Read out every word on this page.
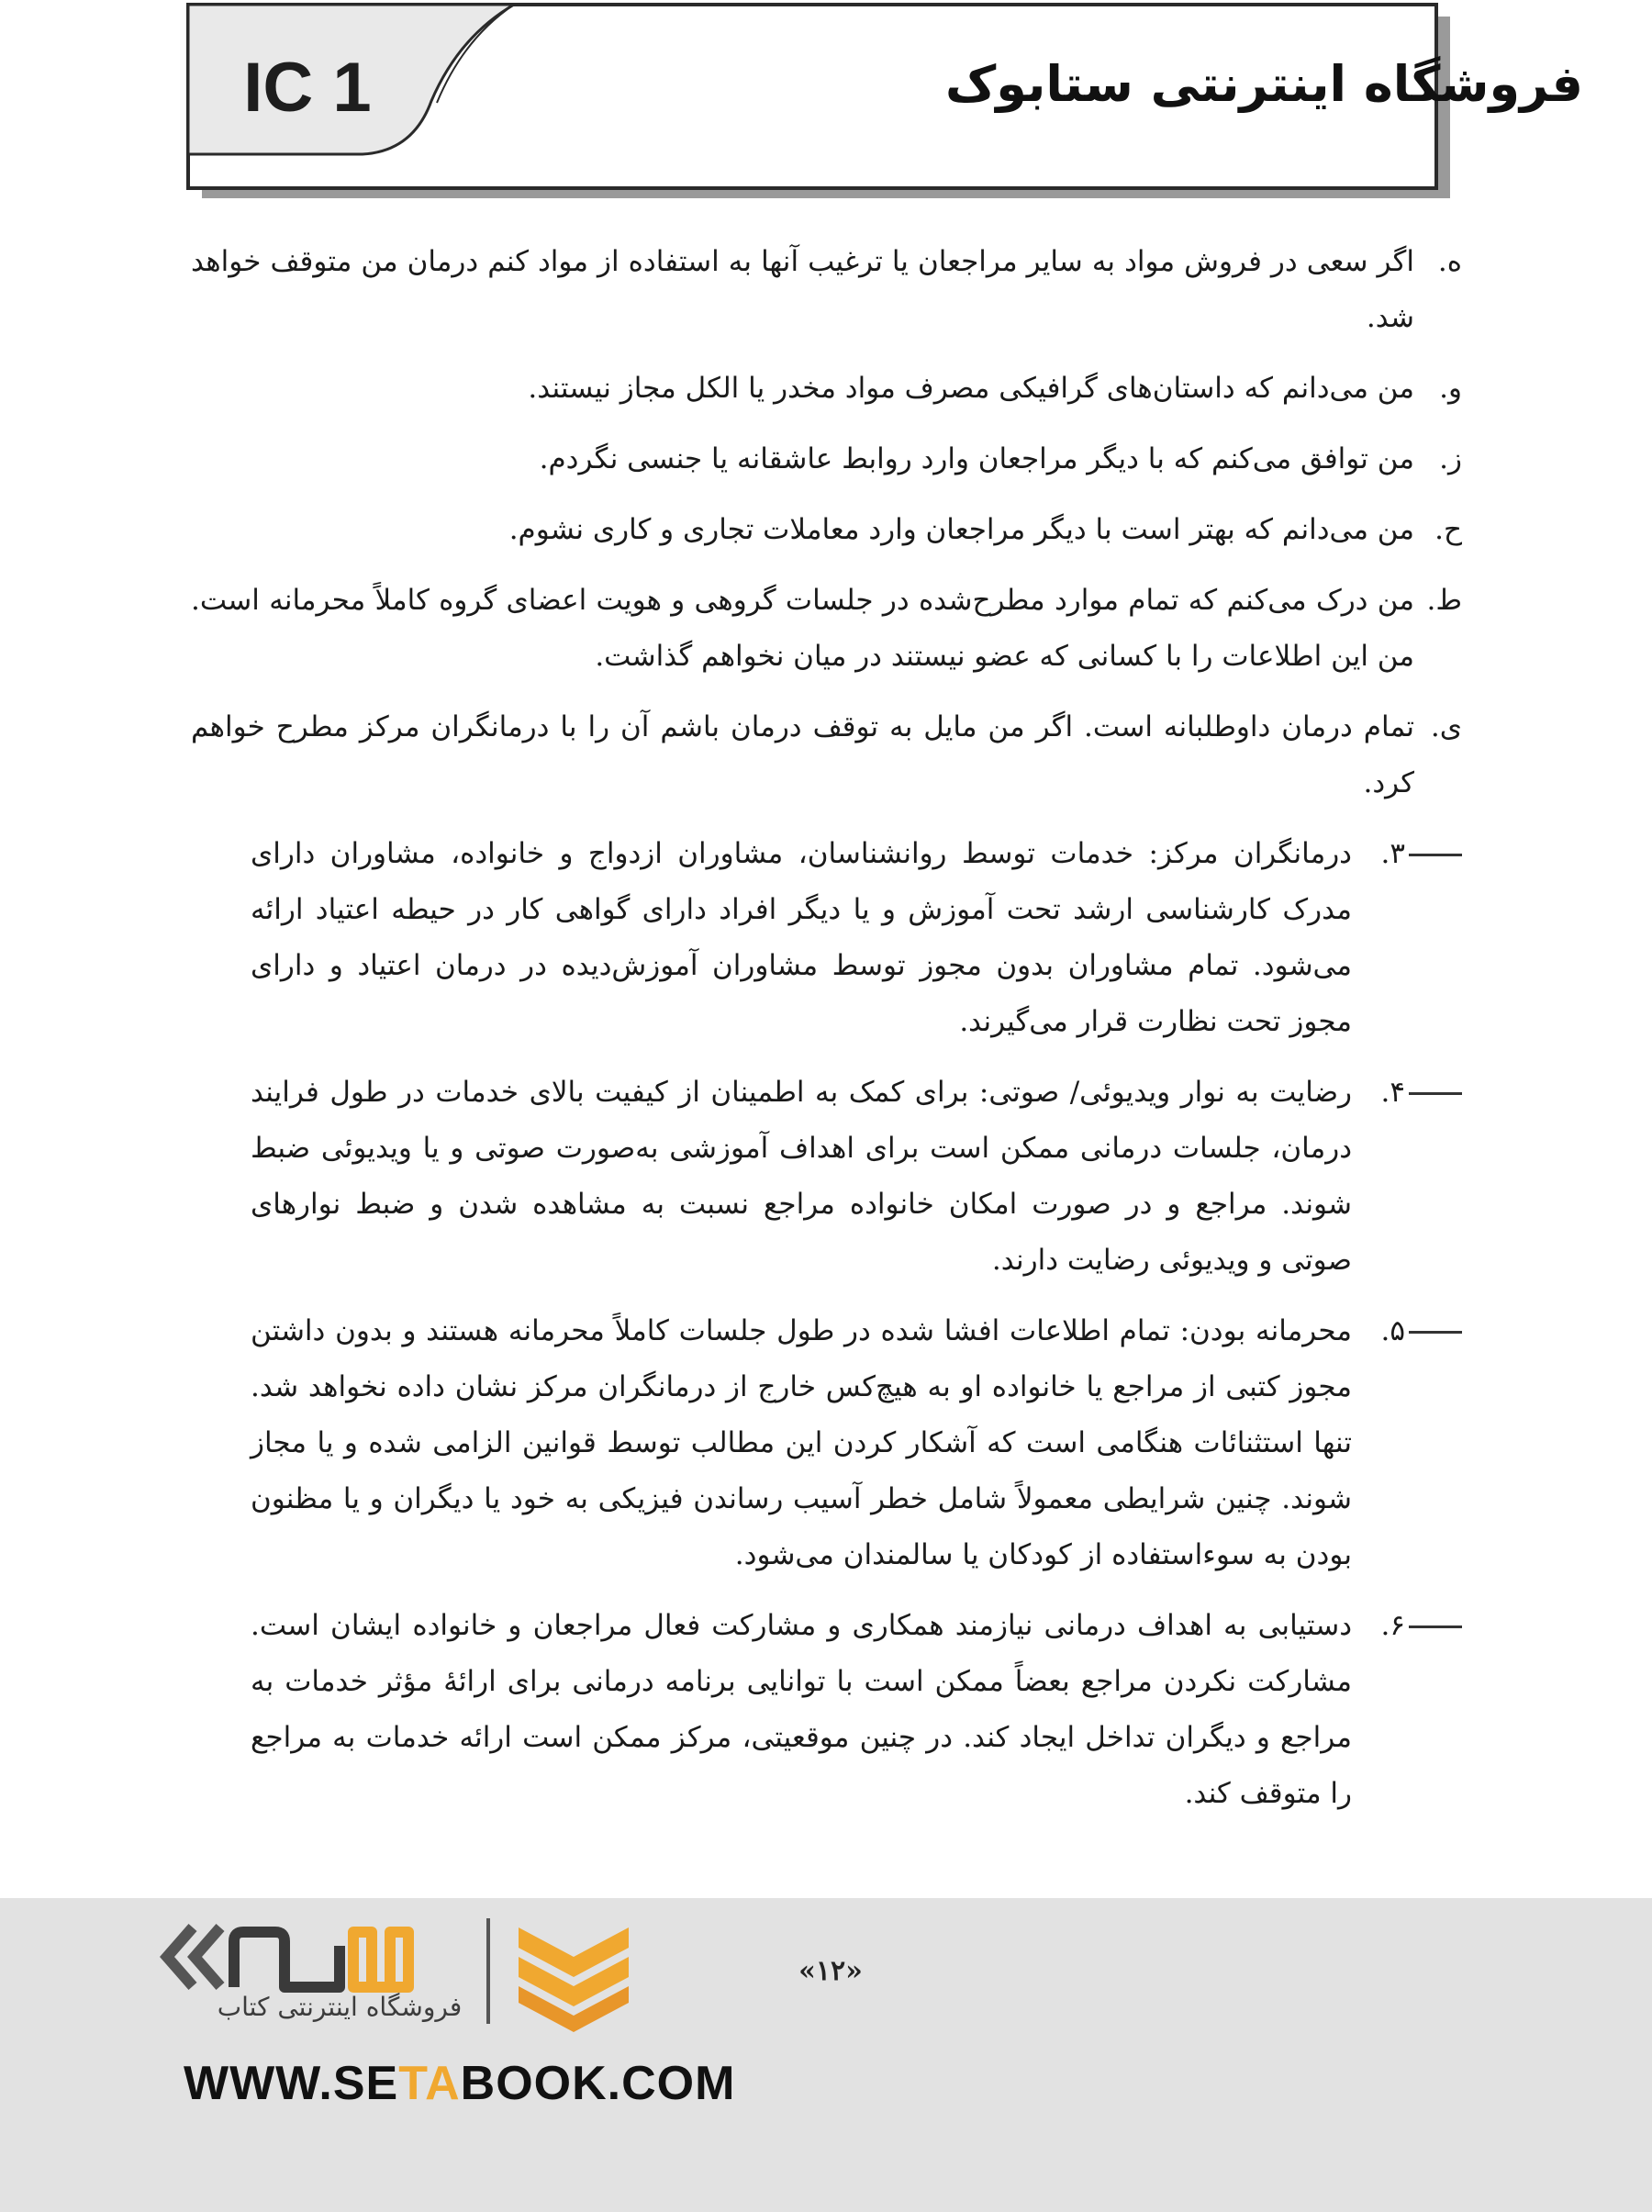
IC 1	فروشگاه اینترنتی ستابوک
ه.
اگر سعی در فروش مواد به سایر مراجعان یا ترغیب آنها به استفاده از مواد کنم درمان من متوقف خواهد شد.
و.
من می‌دانم که داستان‌های گرافیکی مصرف مواد مخدر یا الکل مجاز نیستند.
ز.
من توافق می‌کنم که با دیگر مراجعان وارد روابط عاشقانه یا جنسی نگردم.
ح.
من می‌دانم که بهتر است با دیگر مراجعان وارد معاملات تجاری و کاری نشوم.
ط.
من درک می‌کنم که تمام موارد مطرح‌شده در جلسات گروهی و هویت اعضای گروه کاملاً محرمانه است. من این اطلاعات را با کسانی که عضو نیستند در میان نخواهم گذاشت.
ی.
تمام درمان داوطلبانه است. اگر من مایل به توقف درمان باشم آن را با درمانگران مرکز مطرح خواهم کرد.
۳.
درمانگران مرکز: خدمات توسط روانشناسان، مشاوران ازدواج و خانواده، مشاوران دارای مدرک کارشناسی ارشد تحت آموزش و یا دیگر افراد دارای گواهی کار در حیطه اعتیاد ارائه می‌شود. تمام مشاوران بدون مجوز توسط مشاوران آموزش‌دیده در درمان اعتیاد و دارای مجوز تحت نظارت قرار می‌گیرند.
۴.
رضایت به نوار ویدیوئی/ صوتی: برای کمک به اطمینان از کیفیت بالای خدمات در طول فرایند درمان، جلسات درمانی ممکن است برای اهداف آموزشی به‌صورت صوتی و یا ویدیوئی ضبط شوند. مراجع و در صورت امکان خانواده مراجع نسبت به مشاهده شدن و ضبط نوارهای صوتی و ویدیوئی رضایت دارند.
۵.
محرمانه بودن: تمام اطلاعات افشا شده در طول جلسات کاملاً محرمانه هستند و بدون داشتن مجوز کتبی از مراجع یا خانواده او به هیچ‌کس خارج از درمانگران مرکز نشان داده نخواهد شد. تنها استثنائات هنگامی است که آشکار کردن این مطالب توسط قوانین الزامی شده و یا مجاز شوند. چنین شرایطی معمولاً شامل خطر آسیب رساندن فیزیکی به خود یا دیگران و یا مظنون بودن به سوءاستفاده از کودکان یا سالمندان می‌شود.
۶.
دستیابی به اهداف درمانی نیازمند همکاری و مشارکت فعال مراجعان و خانواده ایشان است. مشارکت نکردن مراجع بعضاً ممکن است با توانایی برنامه درمانی برای ارائهٔ مؤثر خدمات به مراجع و دیگران تداخل ایجاد کند. در چنین موقعیتی، مرکز ممکن است ارائه خدمات به مراجع را متوقف کند.
«۱۲»
فروشگاه اینترنتی کتاب
WWW.SETABOOK.COM
